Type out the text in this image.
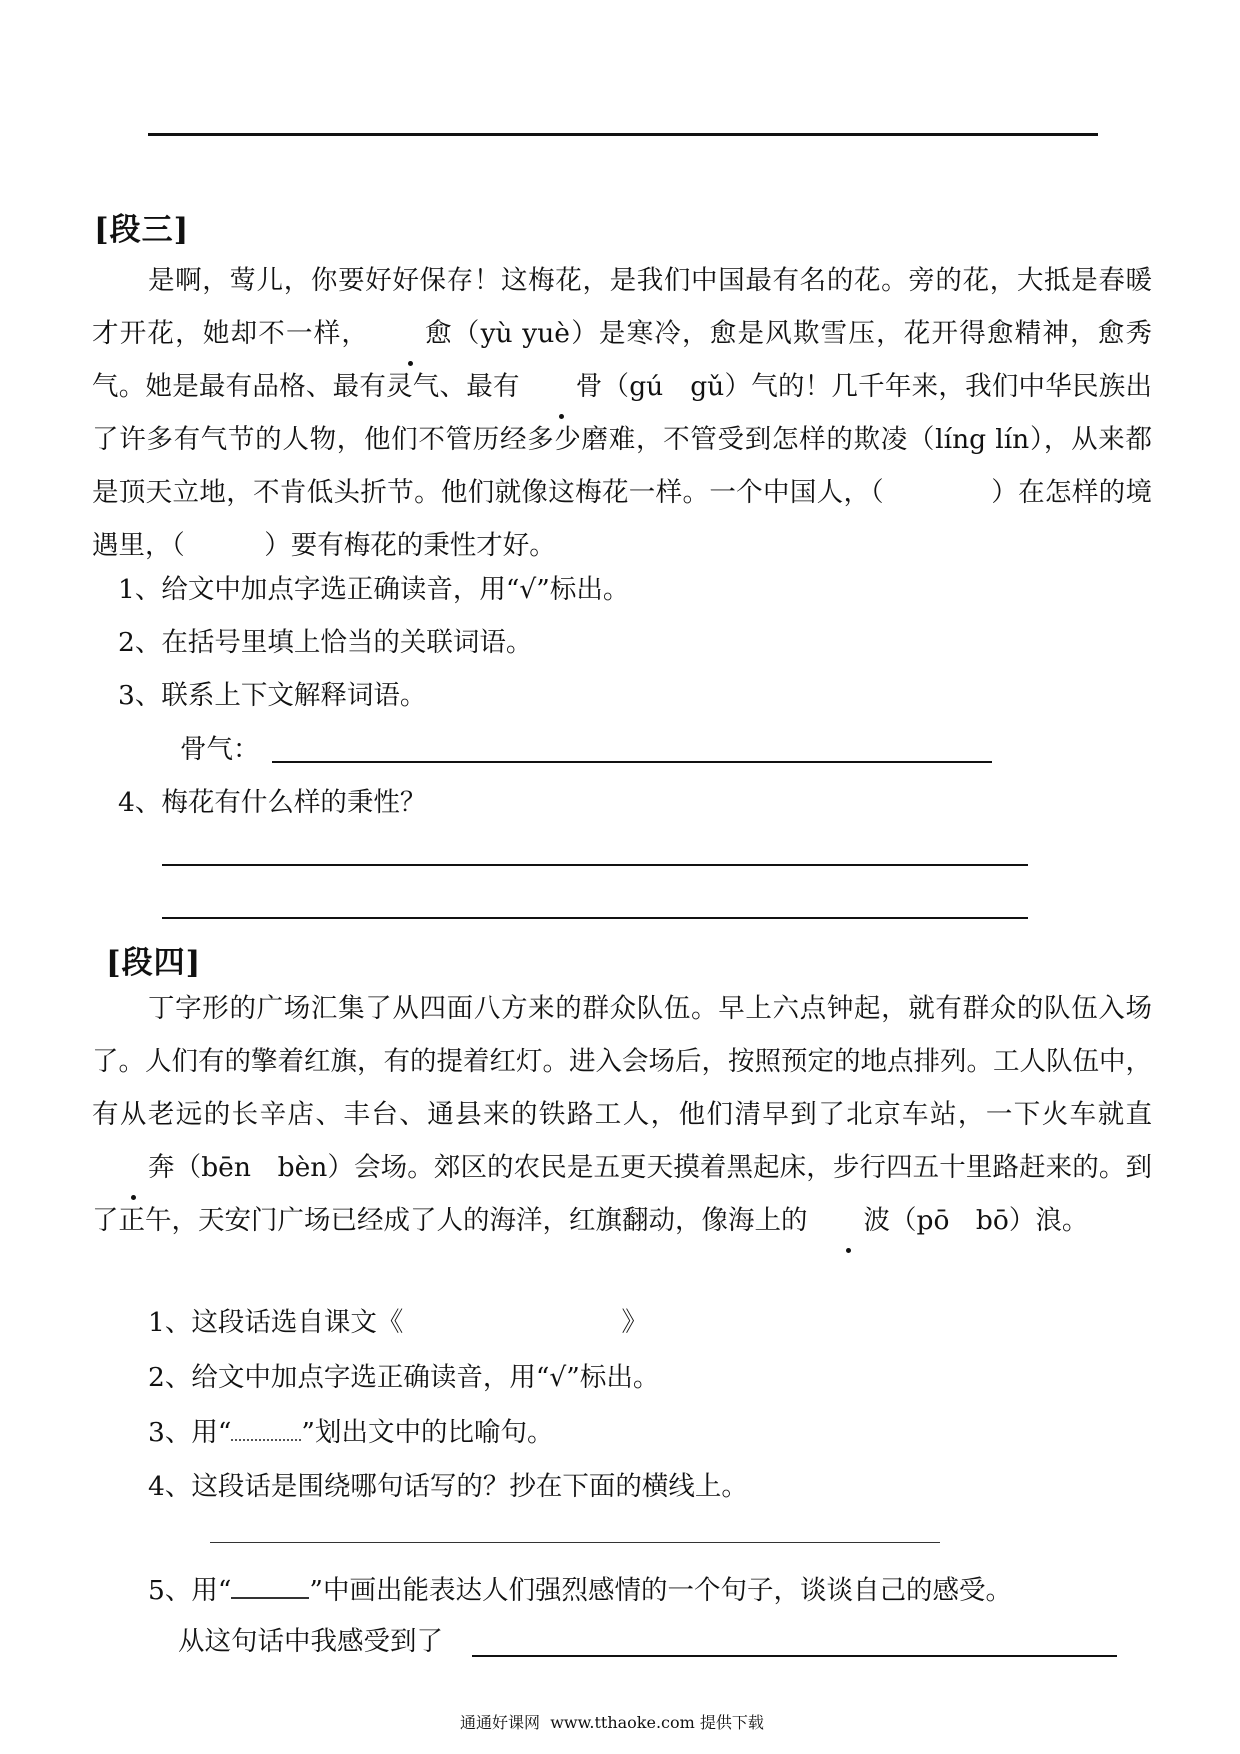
[段三]
是啊，莺儿，你要好好保存！这梅花，是我们中国最有名的花。旁的花，大抵是春暖才开花，她却不一样， 愈（yù yuè）是寒冷，愈是风欺雪压，花开得愈精神，愈秀气。她是最有品格、最有灵气、最有 骨（gú　gǔ）气的！几千年来，我们中华民族出了许多有气节的人物，他们不管历经多少磨难，不管受到怎样的欺凌（líng lín），从来都是顶天立地，不肯低头折节。他们就像这梅花一样。一个中国人，（　　　　）在怎样的境遇里，（　　　）要有梅花的秉性才好。
1、给文中加点字选正确读音，用“√”标出。
2、在括号里填上恰当的关联词语。
3、联系上下文解释词语。
骨气：
4、梅花有什么样的秉性？
[段四]
丁字形的广场汇集了从四面八方来的群众队伍。早上六点钟起，就有群众的队伍入场了。人们有的擎着红旗，有的提着红灯。进入会场后，按照预定的地点排列。工人队伍中，有从老远的长辛店、丰台、通县来的铁路工人，他们清早到了北京车站，一下火车就直奔（bēn　bèn）会场。郊区的农民是五更天摸着黑起床，步行四五十里路赶来的。到了正午，天安门广场已经成了人的海洋，红旗翻动，像海上的 波（pō　bō）浪。
1、这段话选自课文《	》
2、给文中加点字选正确读音，用“√”标出。
3、用“	”划出文中的比喻句。
4、这段话是围绕哪句话写的？抄在下面的横线上。
5、用“	”中画出能表达人们强烈感情的一个句子，谈谈自己的感受。
从这句话中我感受到了
通通好课网 www.tthaoke.com 提供下载
